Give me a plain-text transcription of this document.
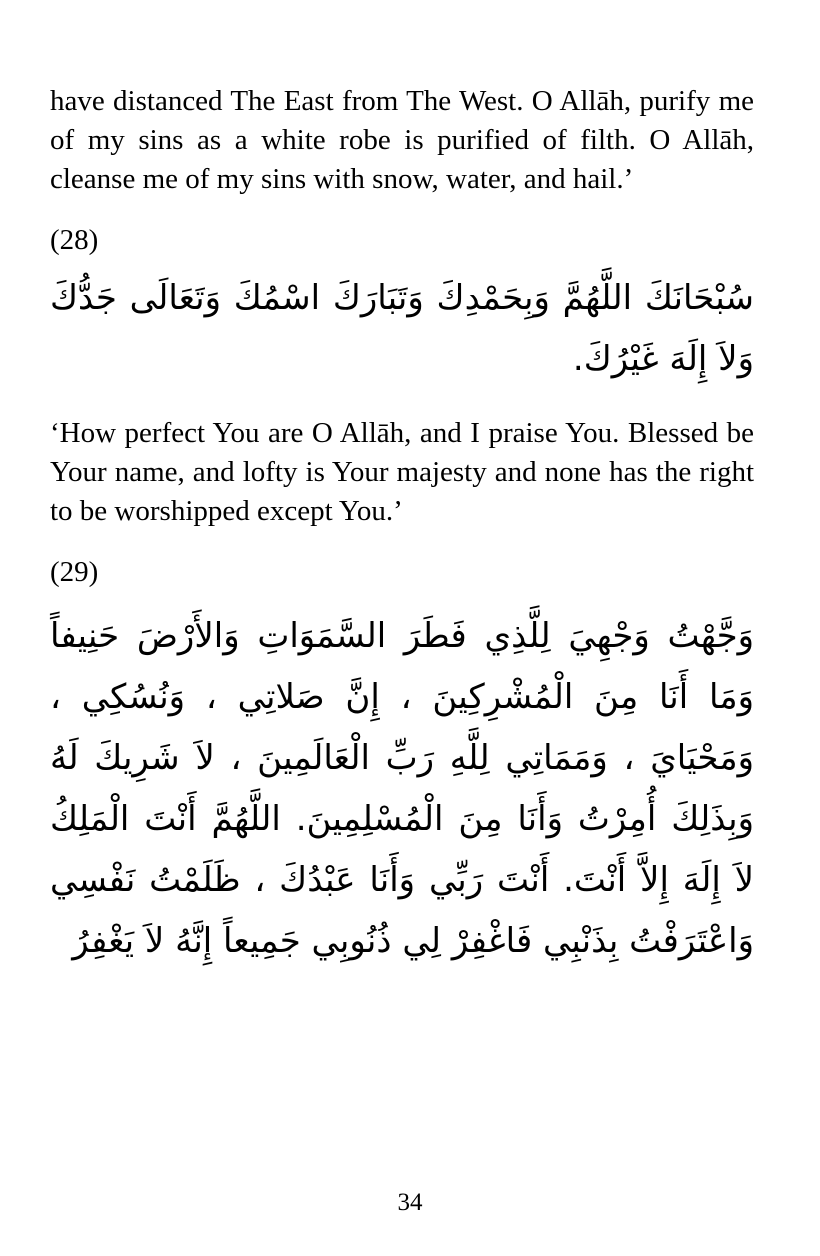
have distanced The East from The West. O Allāh, purify me of my sins as a white robe is purified of filth. O Allāh, cleanse me of my sins with snow, water, and hail.’

(28)

سُبْحَانَكَ اللَّهُمَّ وَبِحَمْدِكَ وَتَبَارَكَ اسْمُكَ وَتَعَالَى جَدُّكَ وَلاَ إِلَهَ غَيْرُكَ.

‘How perfect You are O Allāh, and I praise You. Blessed be Your name, and lofty is Your majesty and none has the right to be worshipped except You.’

(29)

وَجَّهْتُ وَجْهِيَ لِلَّذِي فَطَرَ السَّمَوَاتِ وَالأَرْضَ حَنِيفاً وَمَا أَنَا مِنَ الْمُشْرِكِينَ ، إِنَّ صَلاتِي ، وَنُسُكِي ، وَمَحْيَايَ ، وَمَمَاتِي لِلَّهِ رَبِّ الْعَالَمِينَ ، لاَ شَرِيكَ لَهُ وَبِذَلِكَ أُمِرْتُ وَأَنَا مِنَ الْمُسْلِمِينَ. اللَّهُمَّ أَنْتَ الْمَلِكُ لاَ إِلَهَ إِلاَّ أَنْتَ. أَنْتَ رَبِّي وَأَنَا عَبْدُكَ ، ظَلَمْتُ نَفْسِي وَاعْتَرَفْتُ بِذَنْبِي فَاغْفِرْ لِي ذُنُوبِي جَمِيعاً إِنَّهُ لاَ يَغْفِرُ

34
